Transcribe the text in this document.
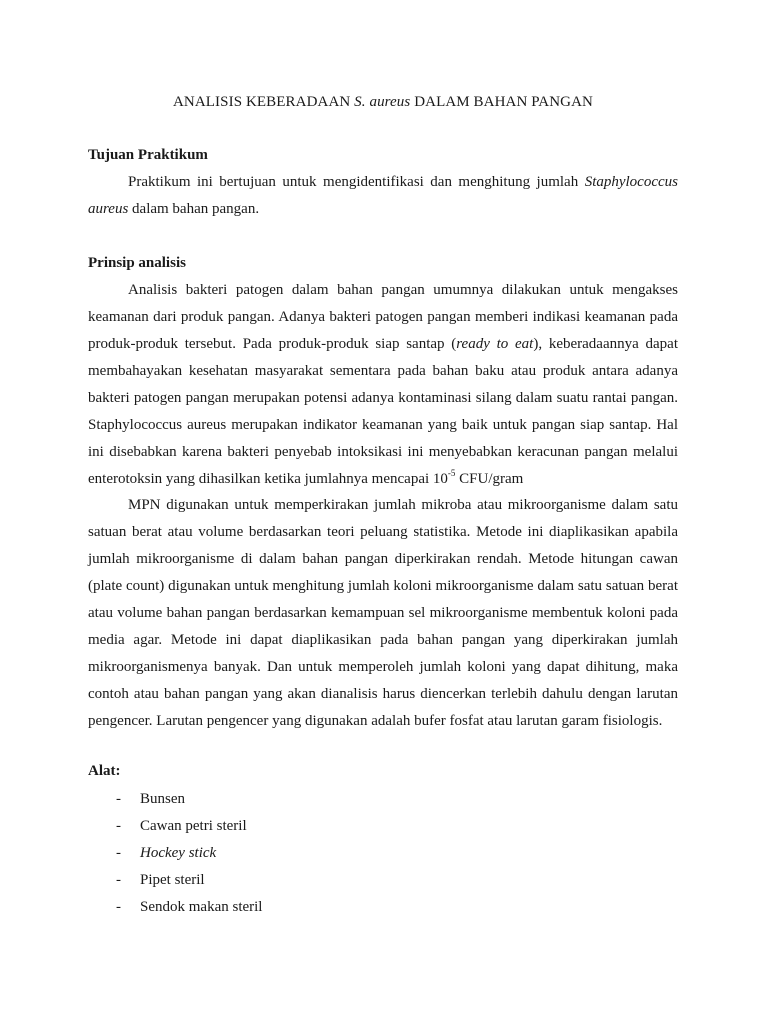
ANALISIS KEBERADAAN S. aureus DALAM BAHAN PANGAN
Tujuan Praktikum

Praktikum ini bertujuan untuk mengidentifikasi dan menghitung jumlah Staphylococcus aureus dalam bahan pangan.

Prinsip analisis

Analisis bakteri patogen dalam bahan pangan umumnya dilakukan untuk mengakses keamanan dari produk pangan. Adanya bakteri patogen pangan memberi indikasi keamanan pada produk-produk tersebut. Pada produk-produk siap santap (ready to eat), keberadaannya dapat membahayakan kesehatan masyarakat sementara pada bahan baku atau produk antara adanya bakteri patogen pangan merupakan potensi adanya kontaminasi silang dalam suatu rantai pangan. Staphylococcus aureus merupakan indikator keamanan yang baik untuk pangan siap santap. Hal ini disebabkan karena bakteri penyebab intoksikasi ini menyebabkan keracunan pangan melalui enterotoksin yang dihasilkan ketika jumlahnya mencapai $10^{-5}$ CFU/gram

MPN digunakan untuk memperkirakan jumlah mikroba atau mikroorganisme dalam satu satuan berat atau volume berdasarkan teori peluang statistika. Metode ini diaplikasikan apabila jumlah mikroorganisme di dalam bahan pangan diperkirakan rendah. Metode hitungan cawan (plate count) digunakan untuk menghitung jumlah koloni mikroorganisme dalam satu satuan berat atau volume bahan pangan berdasarkan kemampuan sel mikroorganisme membentuk koloni pada media agar. Metode ini dapat diaplikasikan pada bahan pangan yang diperkirakan jumlah mikroorganismenya banyak. Dan untuk memperoleh jumlah koloni yang dapat dihitung, maka contoh atau bahan pangan yang akan dianalisis harus diencerkan terlebih dahulu dengan larutan pengencer. Larutan pengencer yang digunakan adalah bufer fosfat atau larutan garam fisiologis.

Alat:
- Bunsen
- Cawan petri steril
- Hockey stick
- Pipet steril
- Sendok makan steril
